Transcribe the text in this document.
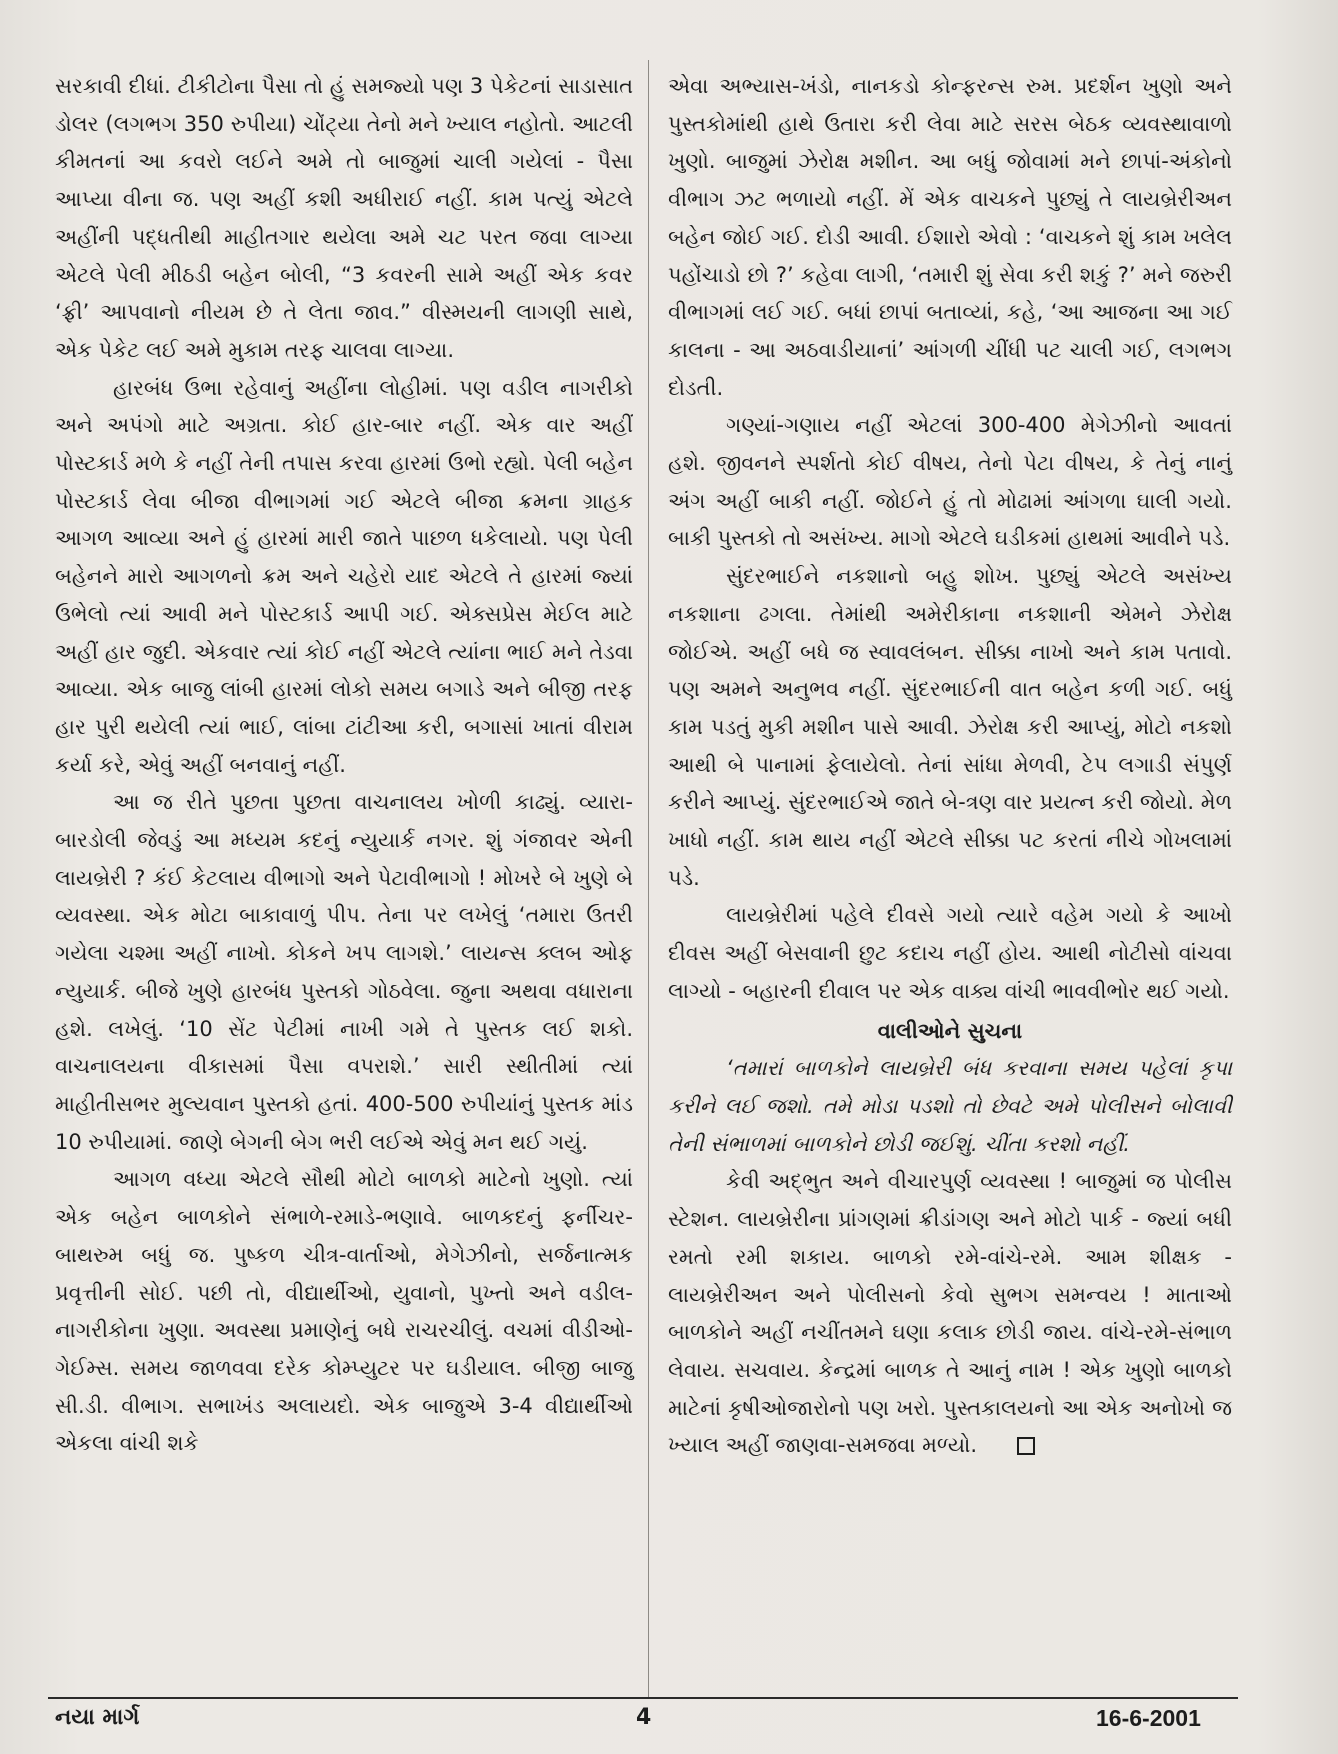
સરકાવી દીધાં. ટીકીટોના પૈસા તો હું સમજ્યો પણ 3 પેકેટનાં સાડાસાત ડોલર (લગભગ 350 રુપીયા) ચોંટ્યા તેનો મને ખ્યાલ નહોતો. આટલી કીમતનાં આ કવરો લઈને અમે તો બાજુમાં ચાલી ગયેલાં - પૈસા આપ્યા વીના જ. પણ અહીં કશી અધીરાઈ નહીં. કામ પત્યું એટલે અહીંની પદ્ધતીથી માહીતગાર થયેલા અમે ચટ પરત જવા લાગ્યા એટલે પેલી મીઠડી બહેન બોલી, “3 કવરની સામે અહીં એક કવર ‘ફ્રી’ આપવાનો નીયમ છે તે લેતા જાવ.” વીસ્મયની લાગણી સાથે, એક પેકેટ લઈ અમે મુકામ તરફ ચાલવા લાગ્યા.

હારબંધ ઉભા રહેવાનું અહીંના લોહીમાં. પણ વડીલ નાગરીકો અને અપંગો માટે અગ્રતા. કોઈ હાર-બાર નહીં. એક વાર અહીં પોસ્ટકાર્ડ મળે કે નહીં તેની તપાસ કરવા હારમાં ઉભો રહ્યો. પેલી બહેન પોસ્ટકાર્ડ લેવા બીજા વીભાગમાં ગઈ એટલે બીજા ક્રમના ગ્રાહક આગળ આવ્યા અને હું હારમાં મારી જાતે પાછળ ધકેલાયો. પણ પેલી બહેનને મારો આગળનો ક્રમ અને ચહેરો યાદ એટલે તે હારમાં જ્યાં ઉભેલો ત્યાં આવી મને પોસ્ટકાર્ડ આપી ગઈ. એક્સપ્રેસ મેઈલ માટે અહીં હાર જુદી. એકવાર ત્યાં કોઈ નહીં એટલે ત્યાંના ભાઈ મને તેડવા આવ્યા. એક બાજુ લાંબી હારમાં લોકો સમય બગાડે અને બીજી તરફ હાર પુરી થયેલી ત્યાં ભાઈ, લાંબા ટાંટીઆ કરી, બગાસાં ખાતાં વીરામ કર્યા કરે, એવું અહીં બનવાનું નહીં.

આ જ રીતે પુછતા પુછતા વાચનાલય ખોળી કાઢ્યું. વ્યારા-બારડોલી જેવડું આ મધ્યમ કદનું ન્યુયાર્ક નગર. શું ગંજાવર એની લાયબ્રેરી ? કંઈ કેટલાય વીભાગો અને પેટાવીભાગો ! મોખરે બે ખુણે બે વ્યવસ્થા. એક મોટા બાકાવાળું પીપ. તેના પર લખેલું ‘તમારા ઉતરી ગયેલા ચશ્મા અહીં નાખો. કોકને ખપ લાગશે.’ લાયન્સ ક્લબ ઓફ ન્યુયાર્ક. બીજે ખુણે હારબંધ પુસ્તકો ગોઠવેલા. જુના અથવા વધારાના હશે. લખેલું. ‘10 સેંટ પેટીમાં નાખી ગમે તે પુસ્તક લઈ શકો. વાચનાલયના વીકાસમાં પૈસા વપરાશે.’ સારી સ્થીતીમાં ત્યાં માહીતીસભર મુલ્યવાન પુસ્તકો હતાં. 400-500 રુપીયાંનું પુસ્તક માંડ 10 રુપીયામાં. જાણે બેગની બેગ ભરી લઈએ એવું મન થઈ ગયું.

આગળ વધ્યા એટલે સૌથી મોટો બાળકો માટેનો ખુણો. ત્યાં એક બહેન બાળકોને સંભાળે-રમાડે-ભણાવે. બાળકદનું ફર્નીચર-બાથરુમ બધું જ. પુષ્કળ ચીત્ર-વાર્તાઓ, મેગેઝીનો, સર્જનાત્મક પ્રવૃત્તીની સોઈ. પછી તો, વીદ્યાર્થીઓ, યુવાનો, પુખ્તો અને વડીલ-નાગરીકોના ખુણા. અવસ્થા પ્રમાણેનું બધે રાચરચીલું. વચમાં વીડીઓ-ગેઈમ્સ. સમય જાળવવા દરેક કોમ્પ્યુટર પર ઘડીયાલ. બીજી બાજુ સી.ડી. વીભાગ. સભાખંડ અલાયદો. એક બાજુએ 3-4 વીદ્યાર્થીઓ એકલા વાંચી શકે

એવા અભ્યાસ-ખંડો, નાનકડો કોન્ફરન્સ રુમ. પ્રદર્શન ખુણો અને પુસ્તકોમાંથી હાથે ઉતારા કરી લેવા માટે સરસ બેઠક વ્યવસ્થાવાળો ખુણો. બાજુમાં ઝેરોક્ષ મશીન. આ બધું જોવામાં મને છાપાં-અંકોનો વીભાગ ઝટ ભળાયો નહીં. મેં એક વાચકને પુછ્યું તે લાયબ્રેરીઅન બહેન જોઈ ગઈ. દોડી આવી. ઈશારો એવો : ‘વાચકને શું કામ ખલેલ પહોંચાડો છો ?’ કહેવા લાગી, ‘તમારી શું સેવા કરી શકું ?’ મને જરુરી વીભાગમાં લઈ ગઈ. બધાં છાપાં બતાવ્યાં, કહે, ‘આ આજના આ ગઈ કાલના - આ અઠવાડીયાનાં’ આંગળી ચીંધી પટ ચાલી ગઈ, લગભગ દોડતી.

ગણ્યાં-ગણાય નહીં એટલાં 300-400 મેગેઝીનો આવતાં હશે. જીવનને સ્પર્શતો કોઈ વીષય, તેનો પેટા વીષય, કે તેનું નાનું અંગ અહીં બાકી નહીં. જોઈને હું તો મોઢામાં આંગળા ઘાલી ગયો. બાકી પુસ્તકો તો અસંખ્ય. માગો એટલે ઘડીકમાં હાથમાં આવીને પડે.

સુંદરભાઈને નકશાનો બહુ શોખ. પુછ્યું એટલે અસંખ્ય નકશાના ઢગલા. તેમાંથી અમેરીકાના નકશાની એમને ઝેરોક્ષ જોઈએ. અહીં બધે જ સ્વાવલંબન. સીક્કા નાખો અને કામ પતાવો. પણ અમને અનુભવ નહીં. સુંદરભાઈની વાત બહેન કળી ગઈ. બધું કામ પડતું મુકી મશીન પાસે આવી. ઝેરોક્ષ કરી આપ્યું, મોટો નકશો આથી બે પાનામાં ફેલાયેલો. તેનાં સાંધા મેળવી, ટેપ લગાડી સંપુર્ણ કરીને આપ્યું. સુંદરભાઈએ જાતે બે-ત્રણ વાર પ્રયત્ન કરી જોયો. મેળ ખાધો નહીં. કામ થાય નહીં એટલે સીક્કા પટ કરતાં નીચે ગોખલામાં પડે.

લાયબ્રેરીમાં પહેલે દીવસે ગયો ત્યારે વહેમ ગયો કે આખો દીવસ અહીં બેસવાની છુટ કદાચ નહીં હોય. આથી નોટીસો વાંચવા લાગ્યો - બહારની દીવાલ પર એક વાક્ય વાંચી ભાવવીભોર થઈ ગયો.

વાલીઓને સુચના

‘તમારાં બાળકોને લાયબ્રેરી બંધ કરવાના સમય પહેલાં કૃપા કરીને લઈ જશો. તમે મોડા પડશો તો છેવટે અમે પોલીસને બોલાવી તેની સંભાળમાં બાળકોને છોડી જઈશું. ચીંતા કરશો નહીં.

કેવી અદ્ભુત અને વીચારપુર્ણ વ્યવસ્થા ! બાજુમાં જ પોલીસ સ્ટેશન. લાયબ્રેરીના પ્રાંગણમાં ક્રીડાંગણ અને મોટો પાર્ક - જ્યાં બધી રમતો રમી શકાય. બાળકો રમે-વાંચે-રમે. આમ શીક્ષક - લાયબ્રેરીઅન અને પોલીસનો કેવો સુભગ સમન્વય ! માતાઓ બાળકોને અહીં નચીંતમને ઘણા કલાક છોડી જાય. વાંચે-રમે-સંભાળ લેવાય. સચવાય. કેન્દ્રમાં બાળક તે આનું નામ ! એક ખુણો બાળકો માટેનાં કૃષીઓજારોનો પણ ખરો. પુસ્તકાલયનો આ એક અનોખો જ ખ્યાલ અહીં જાણવા-સમજવા મળ્યો.

નયા માર્ગ	4	16-6-2001
